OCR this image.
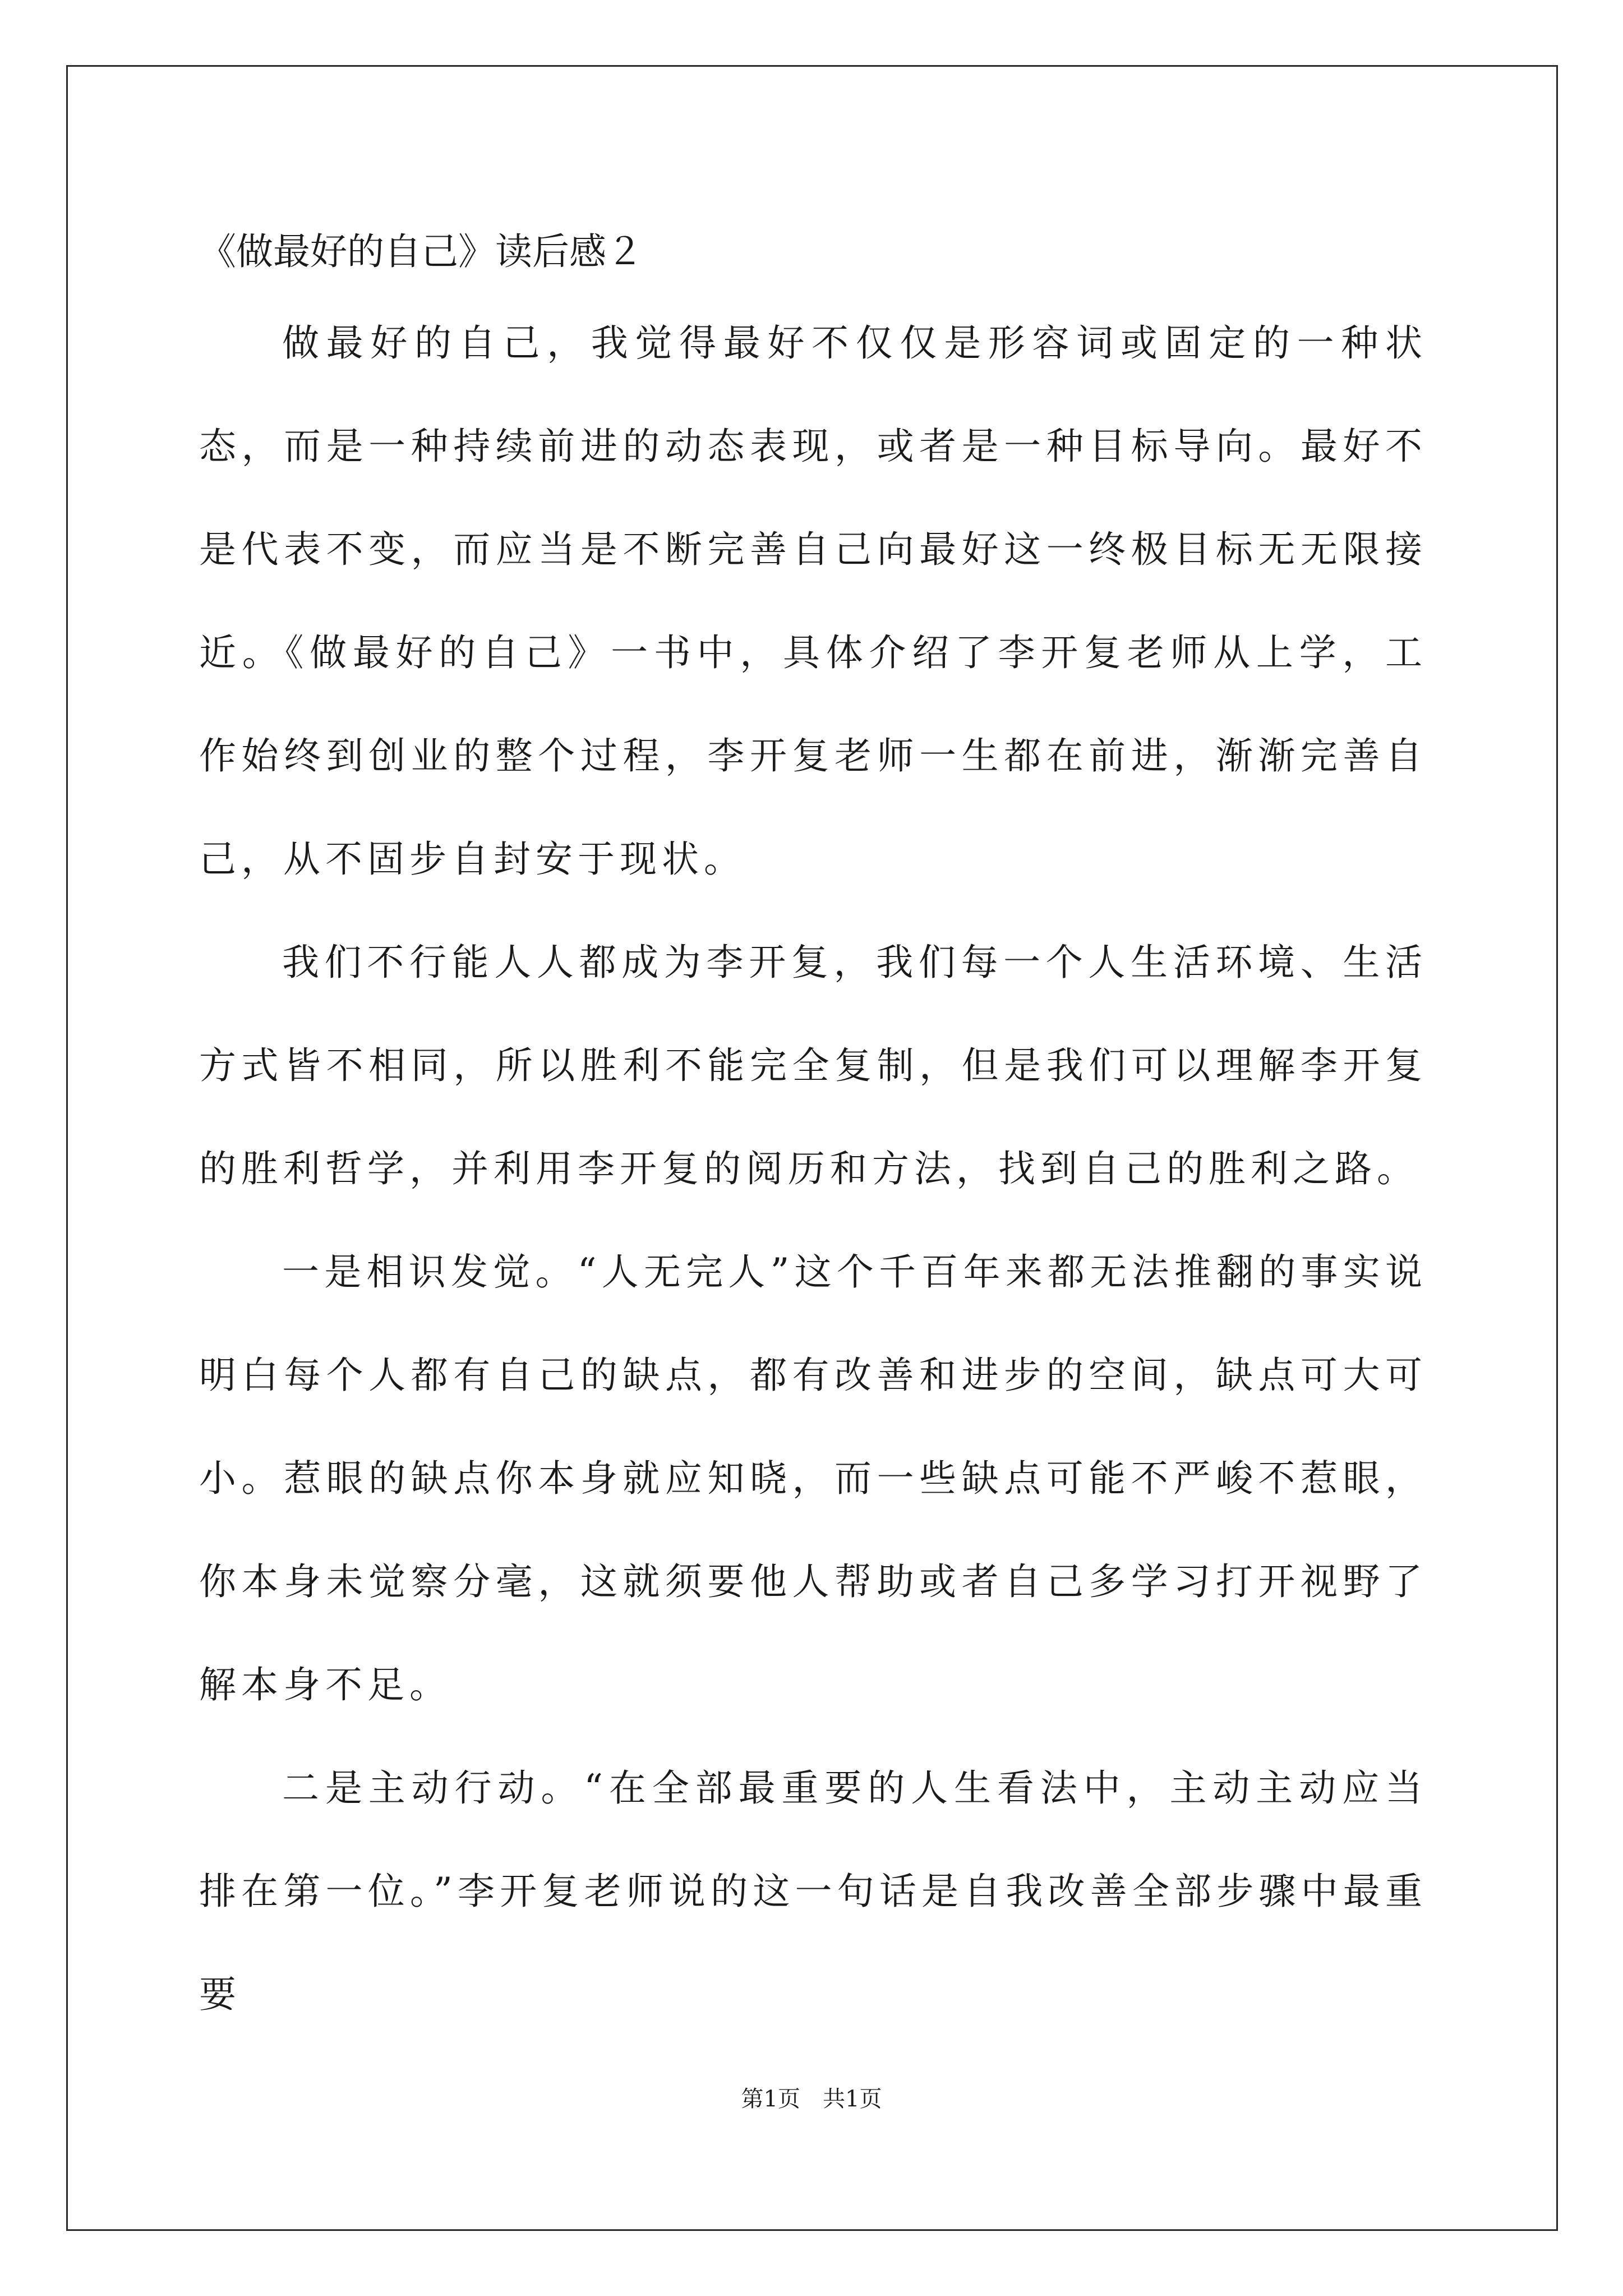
《做最好的自己》读后感２

做最好的自己，我觉得最好不仅仅是形容词或固定的一种状态，而是一种持续前进的动态表现，或者是一种目标导向。最好不是代表不变，而应当是不断完善自己向最好这一终极目标无无限接近。《做最好的自己》一书中，具体介绍了李开复老师从上学，工作始终到创业的整个过程，李开复老师一生都在前进，渐渐完善自己，从不固步自封安于现状。

我们不行能人人都成为李开复，我们每一个人生活环境、生活方式皆不相同，所以胜利不能完全复制，但是我们可以理解李开复的胜利哲学，并利用李开复的阅历和方法，找到自己的胜利之路。

一是相识发觉。“人无完人”这个千百年来都无法推翻的事实说明白每个人都有自己的缺点，都有改善和进步的空间，缺点可大可小。惹眼的缺点你本身就应知晓，而一些缺点可能不严峻不惹眼，你本身未觉察分毫，这就须要他人帮助或者自己多学习打开视野了解本身不足。

二是主动行动。“在全部最重要的人生看法中，主动主动应当排在第一位。”李开复老师说的这一句话是自我改善全部步骤中最重要

第1页 共1页
